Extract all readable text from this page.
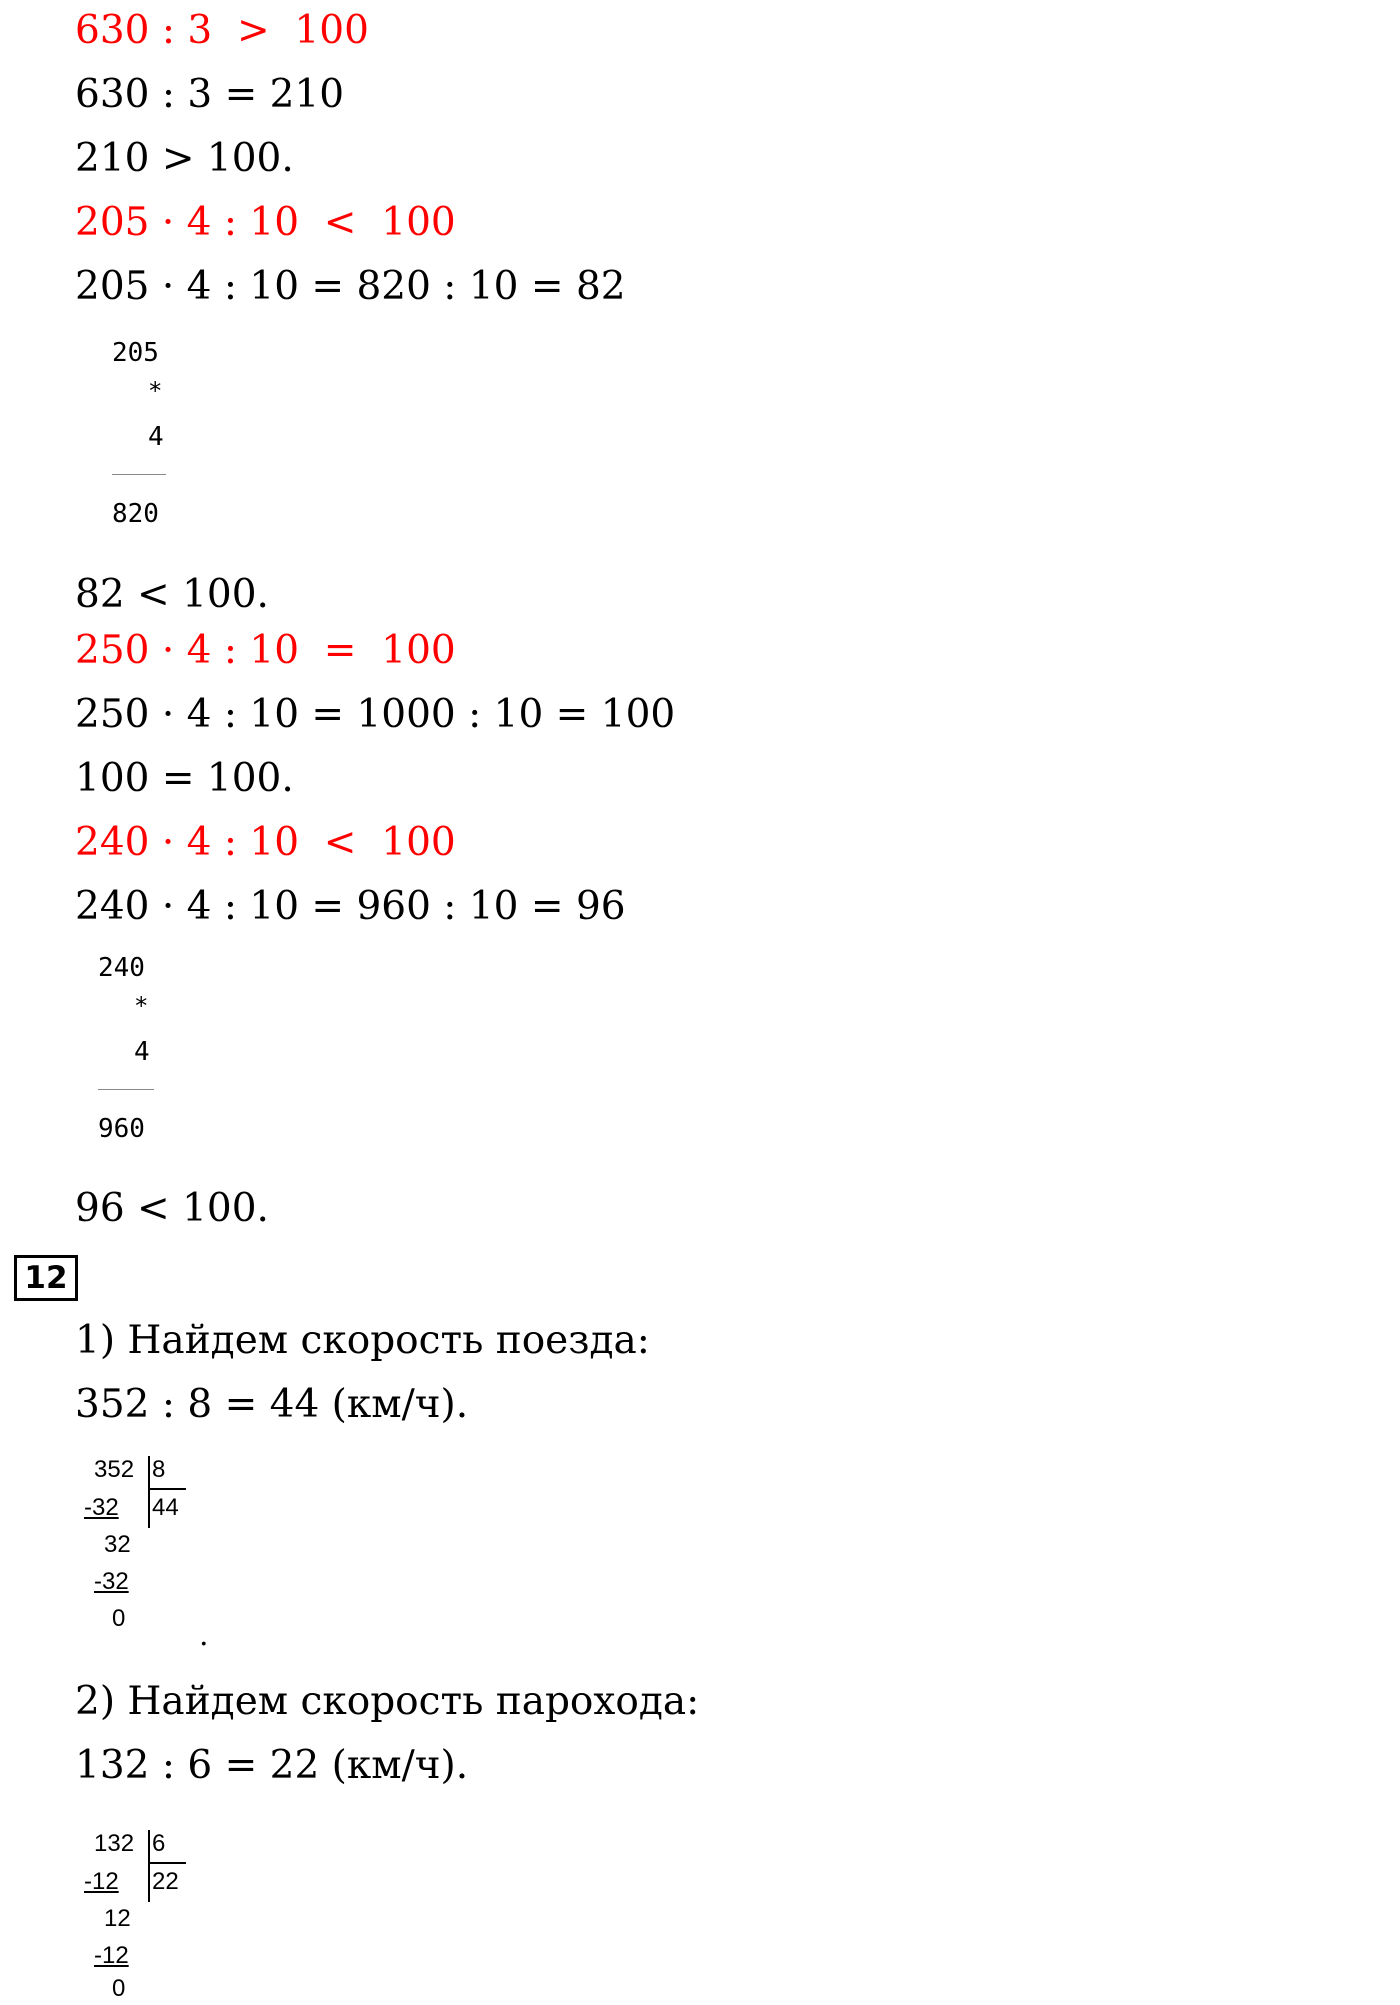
630 : 3  >  100
630 : 3 = 210
210 > 100.
205 · 4 : 10  <  100
205 · 4 : 10 = 820 : 10 = 82
205
*
4
820
82 < 100.
250 · 4 : 10  =  100
250 · 4 : 10 = 1000 : 10 = 100
100 = 100.
240 · 4 : 10  <  100
240 · 4 : 10 = 960 : 10 = 96
240
*
4
960
96 < 100.
12
1) Найдем скорость поезда:
352 : 8 = 44 (км/ч).
352 8
-32 44
32
-32
0 .
2) Найдем скорость парохода:
132 : 6 = 22 (км/ч).
132 6
-12 22
12
-12
0
